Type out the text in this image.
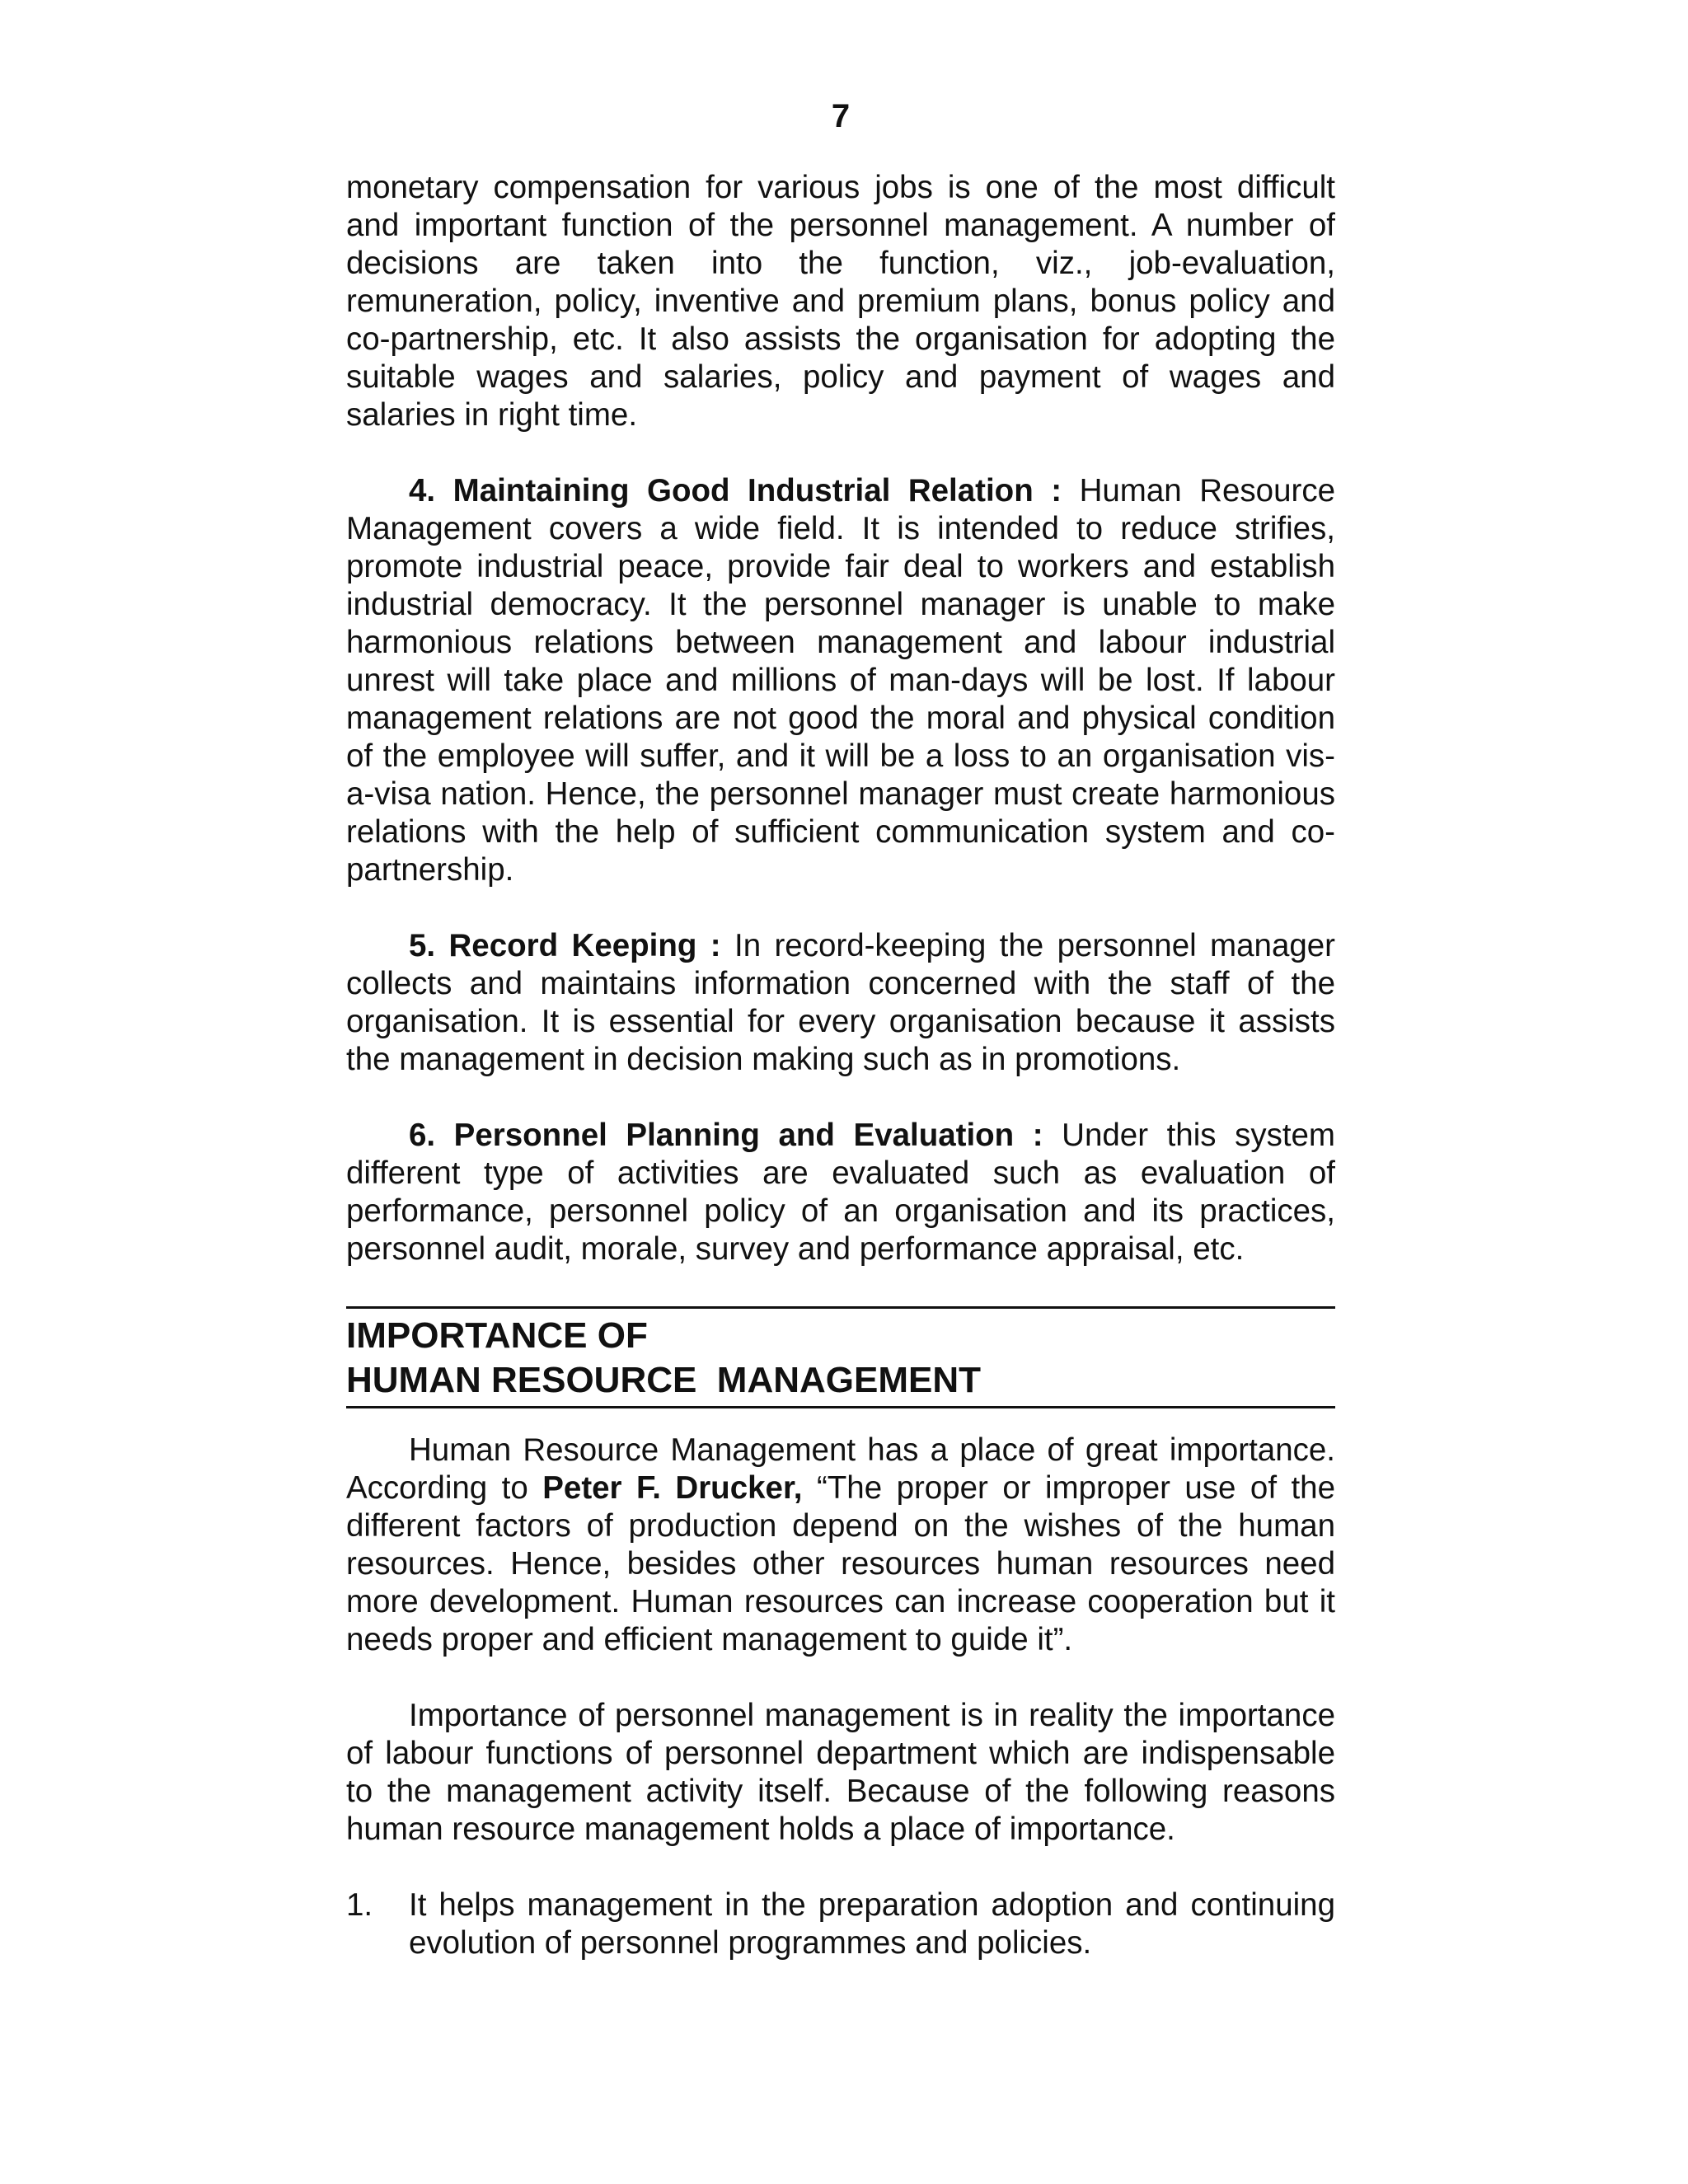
7

monetary compensation for various jobs is one of the most difficult and important function of the personnel management. A number of decisions are taken into the function, viz., job-evaluation, remuneration, policy, inventive and premium plans, bonus policy and co-partnership, etc. It also assists the organisation for adopting the suitable wages and salaries, policy and payment of wages and salaries in right time.

4. Maintaining Good Industrial Relation : Human Resource Management covers a wide field. It is intended to reduce strifies, promote industrial peace, provide fair deal to workers and establish industrial democracy. It the personnel manager is unable to make harmonious relations between management and labour industrial unrest will take place and millions of man-days will be lost. If labour management relations are not good the moral and physical condition of the employee will suffer, and it will be a loss to an organisation vis-a-visa nation. Hence, the personnel manager must create harmonious relations with the help of sufficient communication system and co-partnership.

5. Record Keeping : In record-keeping the personnel manager collects and maintains information concerned with the staff of the organisation. It is essential for every organisation because it assists the management in decision making such as in promotions.

6. Personnel Planning and Evaluation : Under this system different type of activities are evaluated such as evaluation of performance, personnel policy of an organisation and its practices, personnel audit, morale, survey and performance appraisal, etc.

IMPORTANCE OF
HUMAN RESOURCE  MANAGEMENT

Human Resource Management has a place of great importance. According to Peter F. Drucker, “The proper or improper use of the different factors of production depend on the wishes of the human resources. Hence, besides other resources human resources need more development. Human resources can increase cooperation but it needs proper and efficient management to guide it”.

Importance of personnel management is in reality the importance of labour functions of personnel department which are indispensable to the management activity itself. Because of the following reasons human resource management holds a place of importance.

1. It helps management in the preparation adoption and continuing evolution of personnel programmes and policies.
